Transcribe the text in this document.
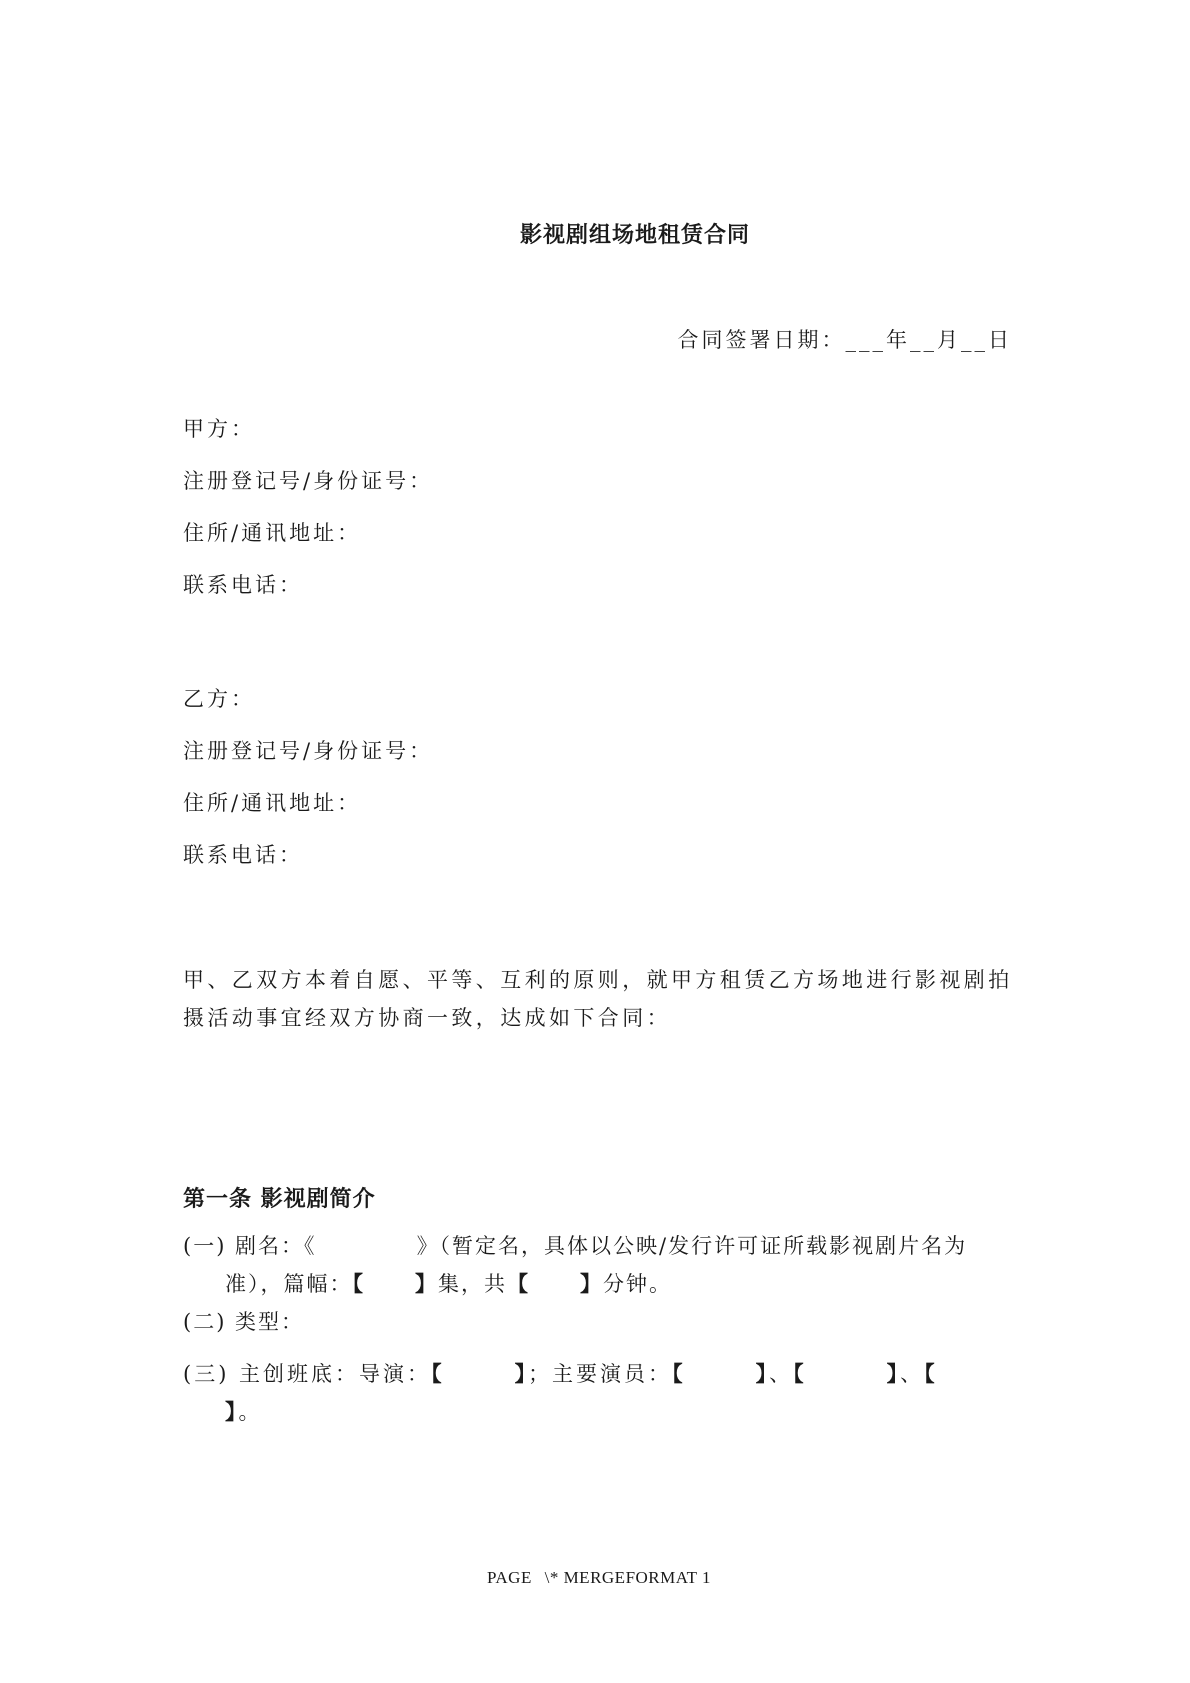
影视剧组场地租赁合同
合同签署日期：___年__月__日
甲方：
注册登记号/身份证号：
住所/通讯地址：
联系电话：
乙方：
注册登记号/身份证号：
住所/通讯地址：
联系电话：
甲、乙双方本着自愿、平等、互利的原则，就甲方租赁乙方场地进行影视剧拍
摄活动事宜经双方协商一致，达成如下合同：
第一条 影视剧简介
(一) 剧名：《	》（暂定名，具体以公映/发行许可证所载影视剧片名为
准），篇幅：【 】集，共【 】分钟。
(二) 类型：
(三) 主创班底：导演：【	】；主要演员：【	】、【	】、【
】。
PAGE \* MERGEFORMAT 1
